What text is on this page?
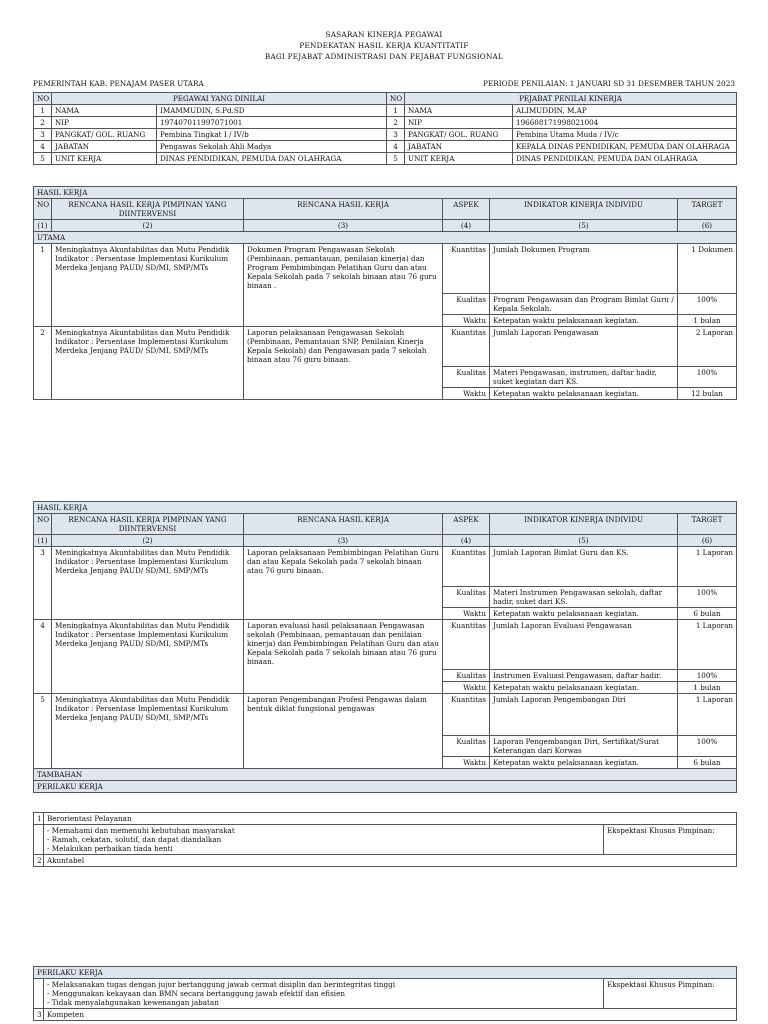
SASARAN KINERJA PEGAWAI
PENDEKATAN HASIL KERJA KUANTITATIF
BAGI PEJABAT ADMINISTRASI DAN PEJABAT FUNGSIONAL
PEMERINTAH KAB. PENAJAM PASER UTARA	PERIODE PENILAIAN: 1 JANUARI SD 31 DESEMBER TAHUN 2023
NO	PEGAWAI YANG DINILAI		NO	PEJABAT PENILAI KINERJA	
1	NAMA	IMAMMUDIN, S.Pd.SD	1	NAMA	ALIMUDDIN, M.AP
2	NIP	197407011997071001	2	NIP	196608171998021004
3	PANGKAT/ GOL. RUANG	Pembina Tingkat I / IV/b	3	PANGKAT/ GOL. RUANG	Pembina Utama Muda / IV/c
4	JABATAN	Pengawas Sekolah Ahli Madya	4	JABATAN	KEPALA DINAS PENDIDIKAN, PEMUDA DAN OLAHRAGA
5	UNIT KERJA	DINAS PENDIDIKAN, PEMUDA DAN OLAHRAGA	5	UNIT KERJA	DINAS PENDIDIKAN, PEMUDA DAN OLAHRAGA
HASIL KERJA					
NO	RENCANA HASIL KERJA PIMPINAN YANG DIINTERVENSI	RENCANA HASIL KERJA	ASPEK	INDIKATOR KINERJA INDIVIDU	TARGET
(1)	(2)	(3)	(4)	(5)	(6)
UTAMA					
1	Meningkatnya Akuntabilitas dan Mutu Pendidik Indikator : Persentase Implementasi Kurikulum Merdeka Jenjang PAUD/ SD/MI, SMP/MTs	Dokumen Program Pengawasan Sekolah (Pembinaan, pemantauan, penilaian kinerja) dan Program Pembimbingan Pelatihan Guru dan atau Kepala Sekolah pada 7 sekolah binaan atau 76 guru binaan .	Kuantitas	Jumlah Dokumen Program	1 Dokumen
			Kualitas	Program Pengawasan dan Program Bimlat Guru / Kepala Sekolah.	100%
			Waktu	Ketepatan waktu pelaksanaan kegiatan.	1 bulan
2	Meningkatnya Akuntabilitas dan Mutu Pendidik Indikator : Persentase Implementasi Kurikulum Merdeka Jenjang PAUD/ SD/MI, SMP/MTs	Laporan pelaksanaan Pengawasan Sekolah (Pembinaan, Pemantauan SNP, Penilaian Kinerja Kepala Sekolah) dan Pengawasan pada 7 sekolah binaan atau 76 guru binaan.	Kuantitas	Jumlah Laporan Pengawasan	2 Laporan
			Kualitas	Materi Pengawasan, instrumen, daftar hadir, suket kegiatan dari KS.	100%
			Waktu	Ketepatan waktu pelaksanaan kegiatan.	12 bulan
HASIL KERJA					
NO	RENCANA HASIL KERJA PIMPINAN YANG DIINTERVENSI	RENCANA HASIL KERJA	ASPEK	INDIKATOR KINERJA INDIVIDU	TARGET
(1)	(2)	(3)	(4)	(5)	(6)
3	Meningkatnya Akuntabilitas dan Mutu Pendidik Indikator : Persentase Implementasi Kurikulum Merdeka Jenjang PAUD/ SD/MI, SMP/MTs	Laporan pelaksanaan Pembimbingan Pelatihan Guru dan atau Kepala Sekolah pada 7 sekolah binaan atau 76 guru binaan.	Kuantitas	Jumlah Laporan Bimlat Guru dan KS.	1 Laporan
			Kualitas	Materi Instrumen Pengawasan sekolah, daftar hadir, suket dari KS.	100%
			Waktu	Ketepatan waktu pelaksanaan kegiatan.	6 bulan
4	Meningkatnya Akuntabilitas dan Mutu Pendidik Indikator : Persentase Implementasi Kurikulum Merdeka Jenjang PAUD/ SD/MI, SMP/MTs	Laporan evaluasi hasil pelaksanaan Pengawasan sekolah (Pembinaan, pemantauan dan penilaian kinerja) dan Pembimbingan Pelatihan Guru dan atau Kepala Sekolah pada 7 sekolah binaan atau 76 guru binaan.	Kuantitas	Jumlah Laporan Evaluasi Pengawasan	1 Laporan
			Kualitas	Instrumen Evaluasi Pengawasan, daftar hadir.	100%
			Waktu	Ketepatan waktu pelaksanaan kegiatan.	1 bulan
5	Meningkatnya Akuntabilitas dan Mutu Pendidik Indikator : Persentase Implementasi Kurikulum Merdeka Jenjang PAUD/ SD/MI, SMP/MTs	Laporan Pengembangan Profesi Pengawas dalam bentuk diklat fungsional pengawas	Kuantitas	Jumlah Laporan Pengembangan Diri	1 Laporan
			Kualitas	Laporan Pengembangan Diri, Sertifikat/Surat Keterangan dari Korwas	100%
			Waktu	Ketepatan waktu pelaksanaan kegiatan.	6 bulan
TAMBAHAN					
PERILAKU KERJA					
1	Berorientasi Pelayanan	

	- Memahami dan memenuhi kebutuhan masyarakat
- Ramah, cekatan, solutif, dan dapat diandalkan
- Melakukan perbaikan tiada henti	Ekspektasi Khusus Pimpinan:
2	Akuntabel	
PERILAKU KERJA		

	- Melaksanakan tugas dengan jujur bertanggung jawab cermat disiplin dan berintegritas tinggi
- Menggunakan kekayaan dan BMN secara bertanggung jawab efektif dan efisien
- Tidak menyalahgunakan kewenangan jabatan	Ekspektasi Khusus Pimpinan:
3	Kompeten	
